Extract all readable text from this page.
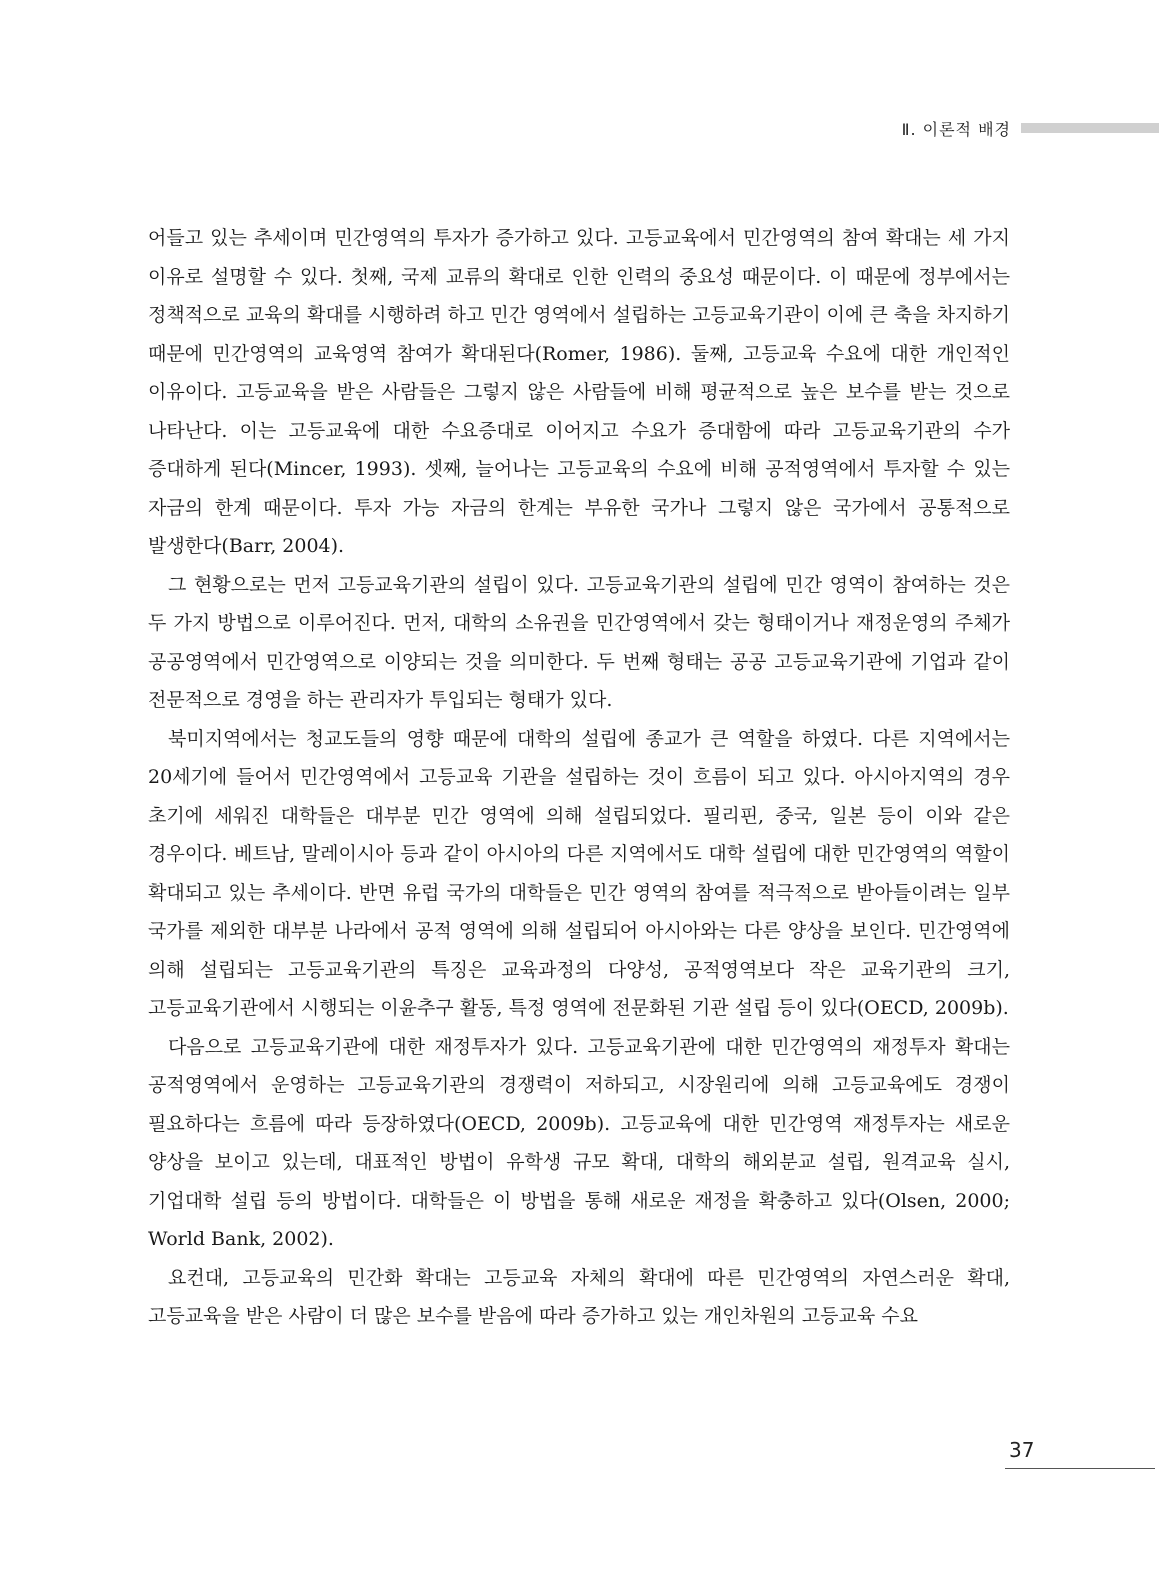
Ⅱ. 이론적 배경

어들고 있는 추세이며 민간영역의 투자가 증가하고 있다. 고등교육에서 민간영역의 참여 확대는 세 가지 이유로 설명할 수 있다. 첫째, 국제 교류의 확대로 인한 인력의 중요성 때문이다. 이 때문에 정부에서는 정책적으로 교육의 확대를 시행하려 하고 민간 영역에서 설립하는 고등교육기관이 이에 큰 축을 차지하기 때문에 민간영역의 교육영역 참여가 확대된다(Romer, 1986). 둘째, 고등교육 수요에 대한 개인적인 이유이다. 고등교육을 받은 사람들은 그렇지 않은 사람들에 비해 평균적으로 높은 보수를 받는 것으로 나타난다. 이는 고등교육에 대한 수요증대로 이어지고 수요가 증대함에 따라 고등교육기관의 수가 증대하게 된다(Mincer, 1993). 셋째, 늘어나는 고등교육의 수요에 비해 공적영역에서 투자할 수 있는 자금의 한계 때문이다. 투자 가능 자금의 한계는 부유한 국가나 그렇지 않은 국가에서 공통적으로 발생한다(Barr, 2004).

그 현황으로는 먼저 고등교육기관의 설립이 있다. 고등교육기관의 설립에 민간 영역이 참여하는 것은 두 가지 방법으로 이루어진다. 먼저, 대학의 소유권을 민간영역에서 갖는 형태이거나 재정운영의 주체가 공공영역에서 민간영역으로 이양되는 것을 의미한다. 두 번째 형태는 공공 고등교육기관에 기업과 같이 전문적으로 경영을 하는 관리자가 투입되는 형태가 있다.

북미지역에서는 청교도들의 영향 때문에 대학의 설립에 종교가 큰 역할을 하였다. 다른 지역에서는 20세기에 들어서 민간영역에서 고등교육 기관을 설립하는 것이 흐름이 되고 있다. 아시아지역의 경우 초기에 세워진 대학들은 대부분 민간 영역에 의해 설립되었다. 필리핀, 중국, 일본 등이 이와 같은 경우이다. 베트남, 말레이시아 등과 같이 아시아의 다른 지역에서도 대학 설립에 대한 민간영역의 역할이 확대되고 있는 추세이다. 반면 유럽 국가의 대학들은 민간 영역의 참여를 적극적으로 받아들이려는 일부 국가를 제외한 대부분 나라에서 공적 영역에 의해 설립되어 아시아와는 다른 양상을 보인다. 민간영역에 의해 설립되는 고등교육기관의 특징은 교육과정의 다양성, 공적영역보다 작은 교육기관의 크기, 고등교육기관에서 시행되는 이윤추구 활동, 특정 영역에 전문화된 기관 설립 등이 있다(OECD, 2009b).

다음으로 고등교육기관에 대한 재정투자가 있다. 고등교육기관에 대한 민간영역의 재정투자 확대는 공적영역에서 운영하는 고등교육기관의 경쟁력이 저하되고, 시장원리에 의해 고등교육에도 경쟁이 필요하다는 흐름에 따라 등장하였다(OECD, 2009b). 고등교육에 대한 민간영역 재정투자는 새로운 양상을 보이고 있는데, 대표적인 방법이 유학생 규모 확대, 대학의 해외분교 설립, 원격교육 실시, 기업대학 설립 등의 방법이다. 대학들은 이 방법을 통해 새로운 재정을 확충하고 있다(Olsen, 2000; World Bank, 2002).

요컨대, 고등교육의 민간화 확대는 고등교육 자체의 확대에 따른 민간영역의 자연스러운 확대, 고등교육을 받은 사람이 더 많은 보수를 받음에 따라 증가하고 있는 개인차원의 고등교육 수요

37
